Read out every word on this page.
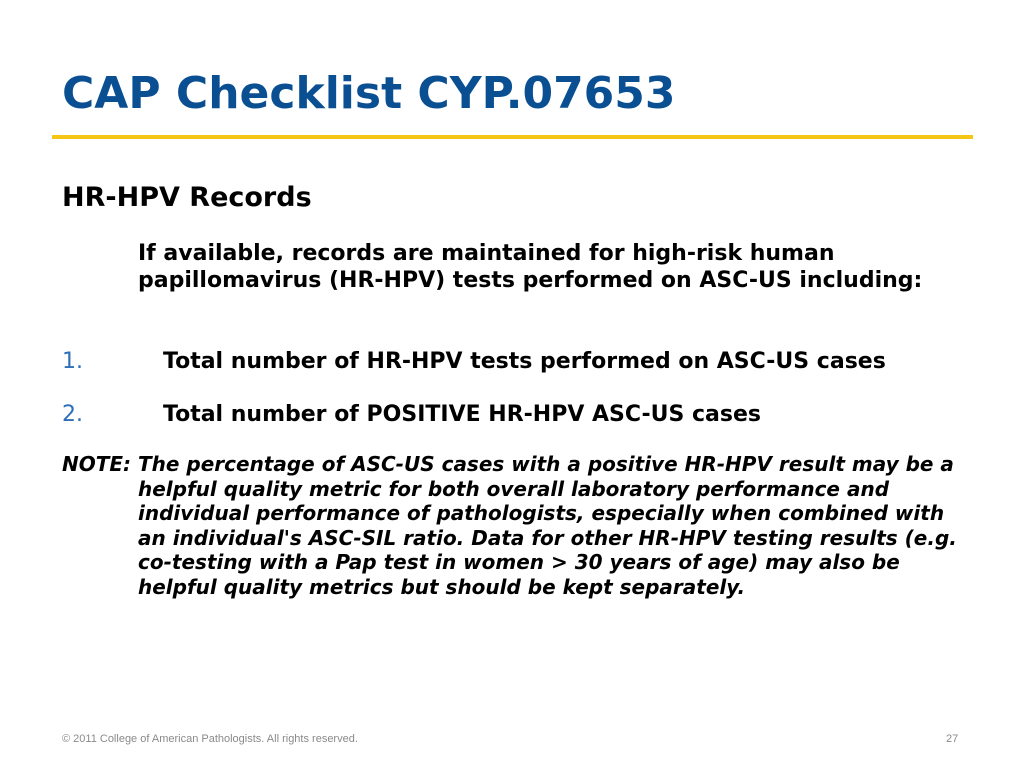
CAP Checklist CYP.07653
HR-HPV Records

If available, records are maintained for high-risk human papillomavirus (HR-HPV) tests performed on ASC-US including:

1.	Total number of HR-HPV tests performed on ASC-US cases
2.	Total number of POSITIVE HR-HPV ASC-US cases
NOTE: The percentage of ASC-US cases with a positive HR-HPV result may be a helpful quality metric for both overall laboratory performance and individual performance of pathologists, especially when combined with an individual's ASC-SIL ratio. Data for other HR-HPV testing results (e.g. co-testing with a Pap test in women > 30 years of age) may also be helpful quality metrics but should be kept separately.
© 2011 College of American Pathologists. All rights reserved.	27
